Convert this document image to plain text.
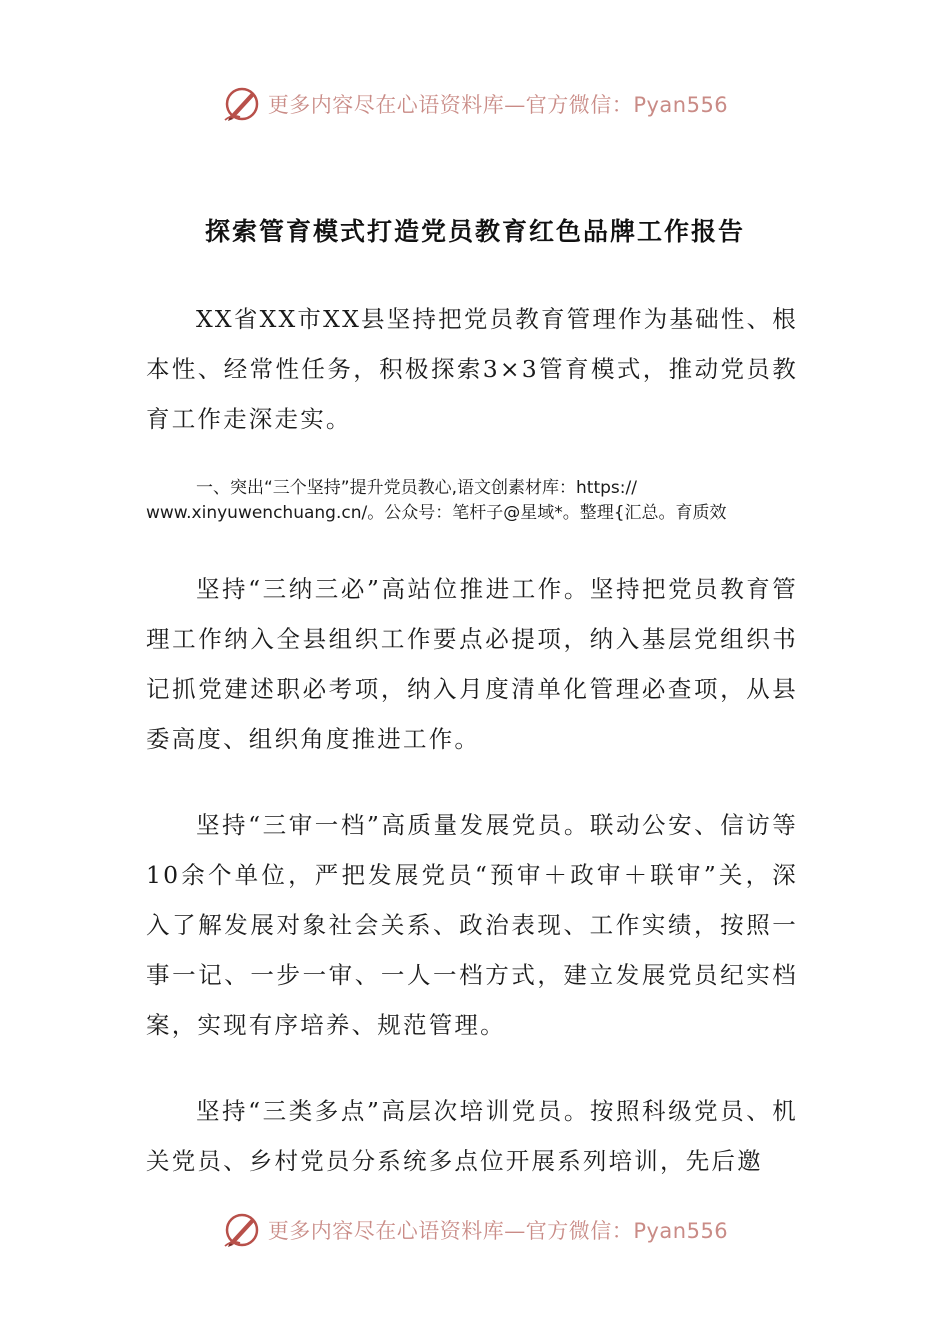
更多内容尽在心语资料库—官方微信：Pyan556
探索管育模式打造党员教育红色品牌工作报告
XX省XX市XX县坚持把党员教育管理作为基础性、根本性、经常性任务，积极探索3×3管育模式，推动党员教育工作走深走实。
一、突出“三个坚持”提升党员教心,语文创素材库：https:// www.xinyuwenchuang.cn/。公众号：笔杆子@星域*。整理{汇总。育质效
坚持“三纳三必”高站位推进工作。坚持把党员教育管理工作纳入全县组织工作要点必提项，纳入基层党组织书记抓党建述职必考项，纳入月度清单化管理必查项，从县委高度、组织角度推进工作。
坚持“三审一档”高质量发展党员。联动公安、信访等10余个单位，严把发展党员“预审＋政审＋联审”关，深入了解发展对象社会关系、政治表现、工作实绩，按照一事一记、一步一审、一人一档方式，建立发展党员纪实档案，实现有序培养、规范管理。
坚持“三类多点”高层次培训党员。按照科级党员、机关党员、乡村党员分系统多点位开展系列培训，先后邀
更多内容尽在心语资料库—官方微信：Pyan556
